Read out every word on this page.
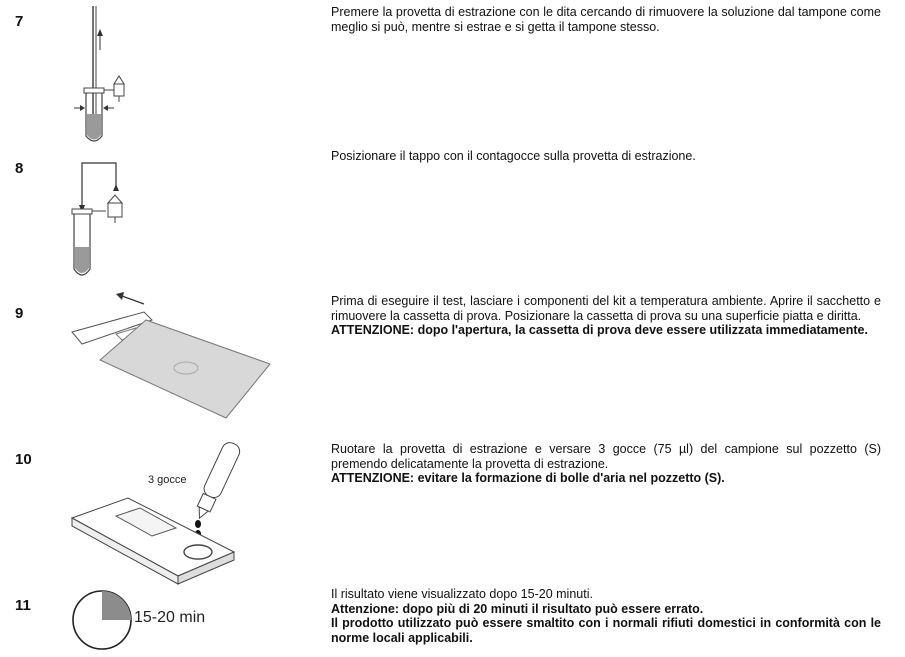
7

Premere la provetta di estrazione con le dita cercando di rimuovere la soluzione dal tampone come meglio si può, mentre si estrae e si getta il tampone stesso.

8

Posizionare il tappo con il contagocce sulla provetta di estrazione.

9

Prima di eseguire il test, lasciare i componenti del kit a temperatura ambiente. Aprire il sacchetto e rimuovere la cassetta di prova. Posizionare la cassetta di prova su una superficie piatta e diritta.

ATTENZIONE: dopo l'apertura, la cassetta di prova deve essere utilizzata immediatamente.

10
3 gocce

Ruotare la provetta di estrazione e versare 3 gocce (75 µl) del campione sul pozzetto (S) premendo delicatamente la provetta di estrazione.

ATTENZIONE: evitare la formazione di bolle d'aria nel pozzetto (S).

11
15-20 min

Il risultato viene visualizzato dopo 15-20 minuti.

Attenzione: dopo più di 20 minuti il risultato può essere errato.

Il prodotto utilizzato può essere smaltito con i normali rifiuti domestici in conformità con le norme locali applicabili.
